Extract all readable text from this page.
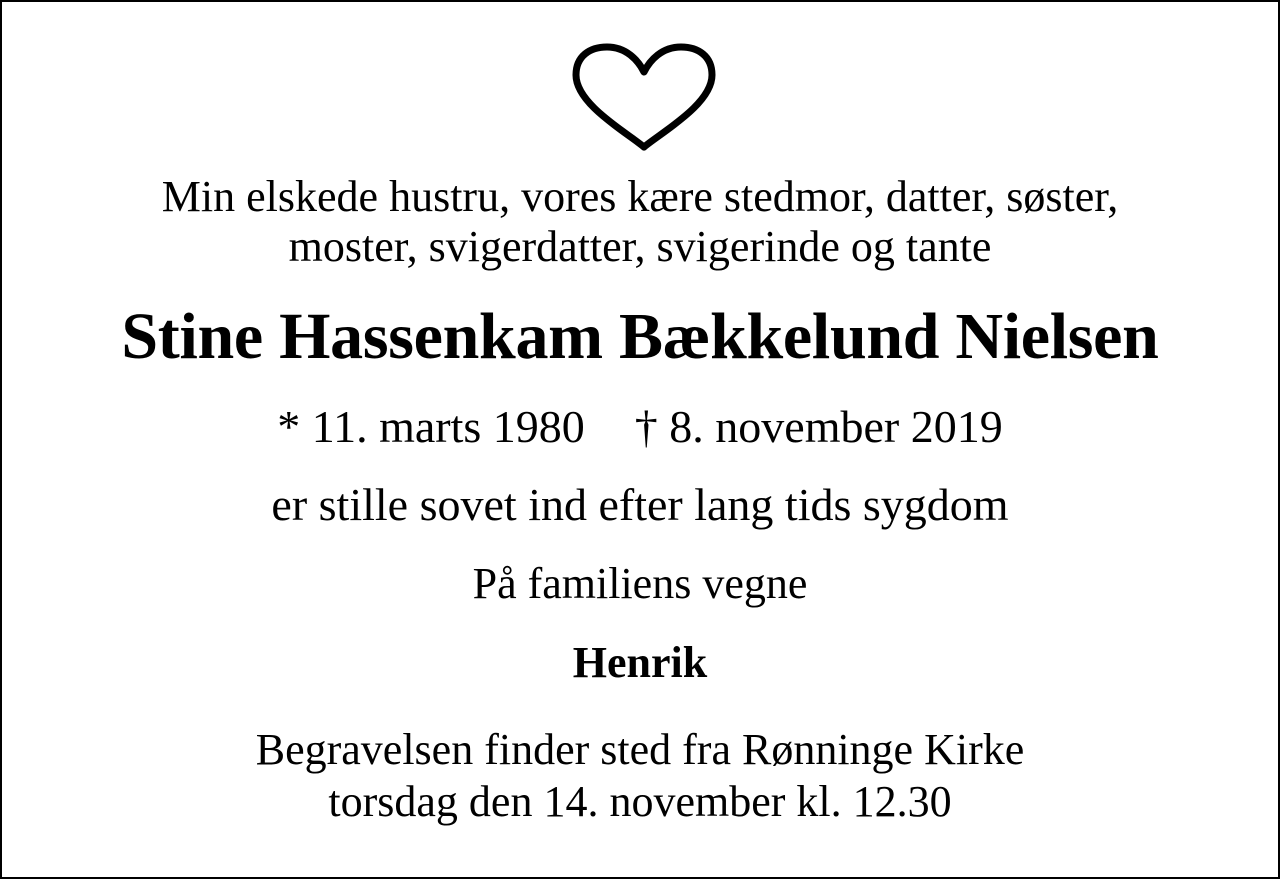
Min elskede hustru, vores kære stedmor, datter, søster,
moster, svigerdatter, svigerinde og tante

Stine Hassenkam Bækkelund Nielsen

* 11. marts 1980 † 8. november 2019

er stille sovet ind efter lang tids sygdom

På familiens vegne

Henrik

Begravelsen finder sted fra Rønninge Kirke
torsdag den 14. november kl. 12.30
